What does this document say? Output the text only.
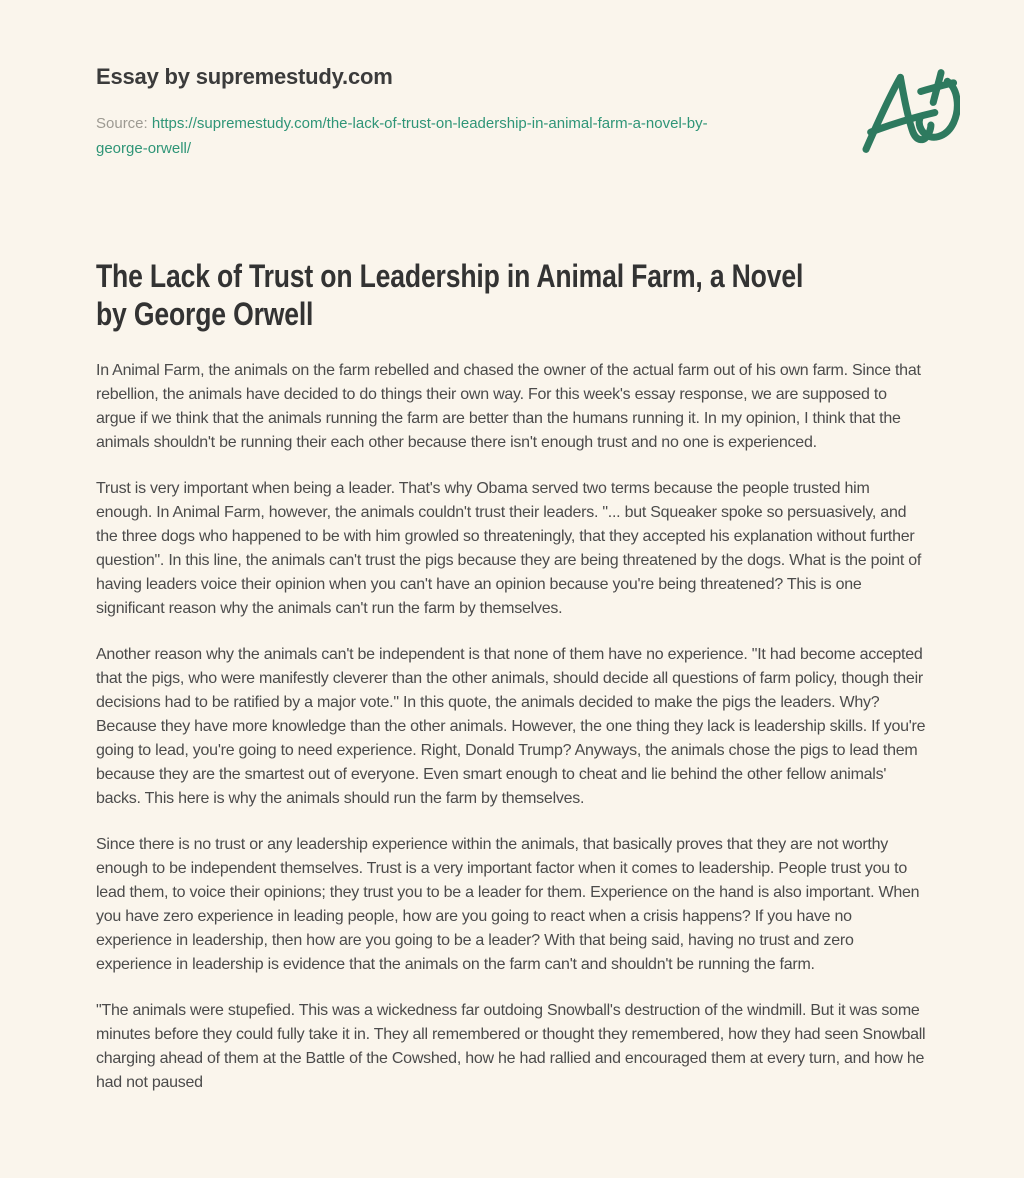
Essay by supremestudy.com
Source: https://supremestudy.com/the-lack-of-trust-on-leadership-in-animal-farm-a-novel-by-george-orwell/
The Lack of Trust on Leadership in Animal Farm, a Novel
by George Orwell

In Animal Farm, the animals on the farm rebelled and chased the owner of the actual farm out of his own farm. Since that rebellion, the animals have decided to do things their own way. For this week's essay response, we are supposed to argue if we think that the animals running the farm are better than the humans running it. In my opinion, I think that the animals shouldn't be running their each other because there isn't enough trust and no one is experienced.

Trust is very important when being a leader. That's why Obama served two terms because the people trusted him enough. In Animal Farm, however, the animals couldn't trust their leaders. "... but Squeaker spoke so persuasively, and the three dogs who happened to be with him growled so threateningly, that they accepted his explanation without further question". In this line, the animals can't trust the pigs because they are being threatened by the dogs. What is the point of having leaders voice their opinion when you can't have an opinion because you're being threatened? This is one significant reason why the animals can't run the farm by themselves.

Another reason why the animals can't be independent is that none of them have no experience. "It had become accepted that the pigs, who were manifestly cleverer than the other animals, should decide all questions of farm policy, though their decisions had to be ratified by a major vote." In this quote, the animals decided to make the pigs the leaders. Why? Because they have more knowledge than the other animals. However, the one thing they lack is leadership skills. If you're going to lead, you're going to need experience. Right, Donald Trump? Anyways, the animals chose the pigs to lead them because they are the smartest out of everyone. Even smart enough to cheat and lie behind the other fellow animals' backs. This here is why the animals should run the farm by themselves.

Since there is no trust or any leadership experience within the animals, that basically proves that they are not worthy enough to be independent themselves. Trust is a very important factor when it comes to leadership. People trust you to lead them, to voice their opinions; they trust you to be a leader for them. Experience on the hand is also important. When you have zero experience in leading people, how are you going to react when a crisis happens? If you have no experience in leadership, then how are you going to be a leader? With that being said, having no trust and zero experience in leadership is evidence that the animals on the farm can't and shouldn't be running the farm.

"The animals were stupefied. This was a wickedness far outdoing Snowball's destruction of the windmill. But it was some minutes before they could fully take it in. They all remembered or thought they remembered, how they had seen Snowball charging ahead of them at the Battle of the Cowshed, how he had rallied and encouraged them at every turn, and how he had not paused
